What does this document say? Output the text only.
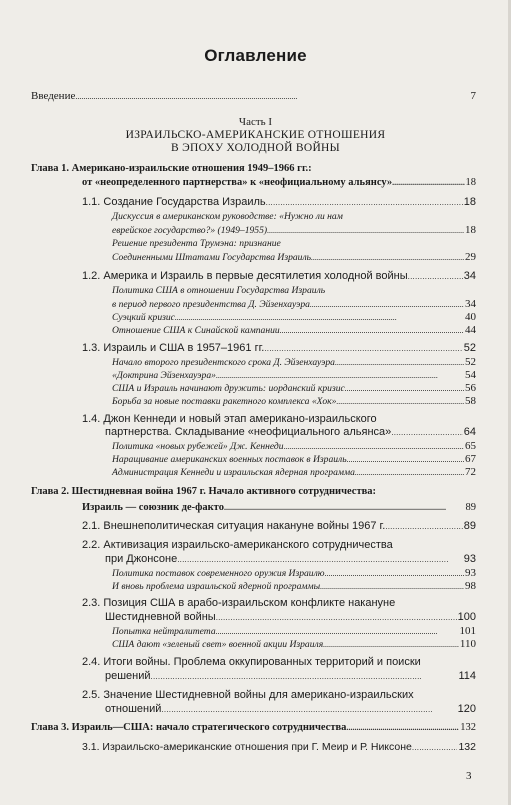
Оглавление
Введение . . .	7
Часть I
ИЗРАИЛЬСКО-АМЕРИКАНСКИЕ ОТНОШЕНИЯ
В ЭПОХУ ХОЛОДНОЙ ВОЙНЫ
Глава 1. Американо-израильские отношения 1949–1966 гг.:
от «неопределенного партнерства» к «неофициальному альянсу» . . .	18
1.1. Создание Государства Израиль . . .	18
Дискуссия в американском руководстве: «Нужно ли нам
еврейское государство?» (1949–1955) . . .	18
Решение президента Трумэна: признание
Соединенными Штатами Государства Израиль . . .	29
1.2. Америка и Израиль в первые десятилетия холодной войны . . .	34
Политика США в отношении Государства Израиль
в период первого президентства Д. Эйзенхауэра . . .	34
Суэцкий кризис . . .	40
Отношение США к Синайской кампании . . .	44
1.3. Израиль и США в 1957–1961 гг. . . .	52
Начало второго президентского срока Д. Эйзенхауэра . . .	52
«Доктрина Эйзенхауэра» . . .	54
США и Израиль начинают дружить: иорданский кризис . . .	56
Борьба за новые поставки ракетного комплекса «Хок» . . .	58
1.4. Джон Кеннеди и новый этап американо-израильского
партнерства. Складывание «неофициального альянса» . . .	64
Политика «новых рубежей» Дж. Кеннеди . . .	65
Наращивание американских военных поставок в Израиль . . .	67
Администрация Кеннеди и израильская ядерная программа . . .	72
Глава 2. Шестидневная война 1967 г. Начало активного сотрудничества:
Израиль — союзник де-факто . . .	89
2.1. Внешнеполитическая ситуация накануне войны 1967 г. . . .	89
2.2. Активизация израильско-американского сотрудничества
при Джонсоне . . .	93
Политика поставок современного оружия Израилю . . .	93
И вновь проблема израильской ядерной программы . . .	98
2.3. Позиция США в арабо-израильском конфликте накануне
Шестидневной войны . . .	100
Попытка нейтралитета . . .	101
США дают «зеленый свет» военной акции Израиля . . .	110
2.4. Итоги войны. Проблема оккупированных территорий и поиски
решений . . .	114
2.5. Значение Шестидневной войны для американо-израильских
отношений . . .	120
Глава 3. Израиль—США: начало стратегического сотрудничества . . .	132
3.1. Израильско-американские отношения при Г. Меир и Р. Никсоне . . .	132
3
